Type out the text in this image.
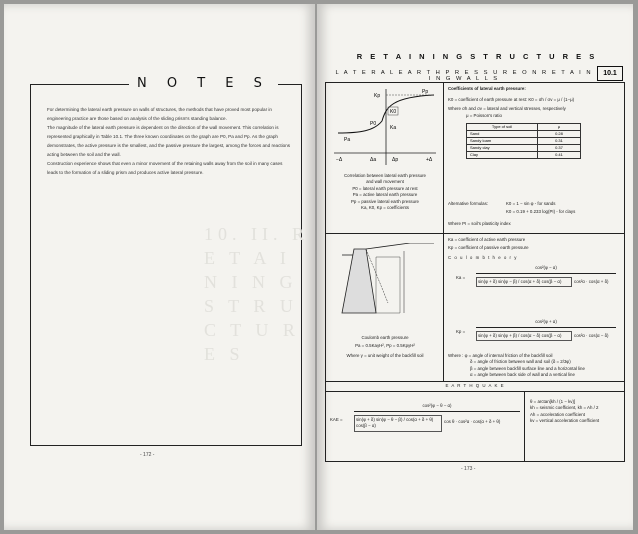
N O T E S

For determining the lateral earth pressure on walls of structures, the methods that have proved most popular in engineering practice are those based on analysis of the sliding prism's standing balance.

The magnitude of the lateral earth pressure is dependent on the direction of the wall movement. This correlation is represented graphically in Table 10.1. The three known coordinates on the graph are P0, Pa and Pp. As the graph demonstrates, the active pressure is the smallest, and the passive pressure the largest, among the forces and reactions acting between the soil and the wall.

Construction experience shows that even a minor movement of the retaining walls away from the soil in many cases leads to the formation of a sliding prism and produces active lateral pressure.

10. II. R E T A I N I N G
S T R U C T U R E S
- 172 -
R E T A I N I N G S T R U C T U R E S
L A T E R A L E A R T H P R E S S U R E O N R E T A I N I N G W A L L S
10.1
Kp
Pp
K0
Ka
Pa
P0
−Δ	+Δ
Δa	Δp
Correlation between lateral earth pressure
and wall movement
P0 = lateral earth pressure at rest
Pa = active lateral earth pressure
Pp = passive lateral earth pressure
Ka, K0, Kp = coefficients
Coefficients of lateral earth pressure:
K0 = coefficient of earth pressure at rest: K0 = σh / σv = μ / (1−μ)
Where σh and σv = lateral and vertical stresses, respectively
μ = Poisson's ratio
Type of soil	μ
Sand	0.28
Sandy loam	0.31
Sandy clay	0.37
Clay	0.41
Alternative formulas:	K0 = 1 − sin φ - for sands
K0 = 0.19 + 0.233 log(PI) - for clays
Where PI = soil's plasticity index
Coulomb earth pressure
Pa = 0.5KaγH², Pp = 0.5KpγH²
Where γ = unit weight of the backfill soil
Ka = coefficient of active earth pressure
Kp = coefficient of passive earth pressure
C o u l o m b t h e o r y
Ka =
cos²(φ − α)
sin(φ + δ) sin(φ − β) / cos(α + δ) cos(β − α)	cos²α · cos(α + δ)
Kp =
cos²(φ + α)
sin(φ + δ) sin(φ + β) / cos(α − δ) cos(β − α)	cos²α · cos(α − δ)
Where : φ = angle of internal friction of the backfill soil
δ = angle of friction between wall and soil (δ = 2/3φ)
β = angle between backfill surface line and a horizontal line
α = angle between back side of wall and a vertical line
E A R T H Q U A K E
KAE =
cos²(φ − θ − α)
sin(φ + δ) sin(φ − θ − β) / cos(α + δ + θ) cos(β − α)
cos θ · cos²α · cos(α + δ + θ)
θ = arctan[kh / (1 − kv)]
kh = seismic coefficient, kh = Ah / 2
Ah = acceleration coefficient
kv = vertical acceleration coefficient
- 173 -
